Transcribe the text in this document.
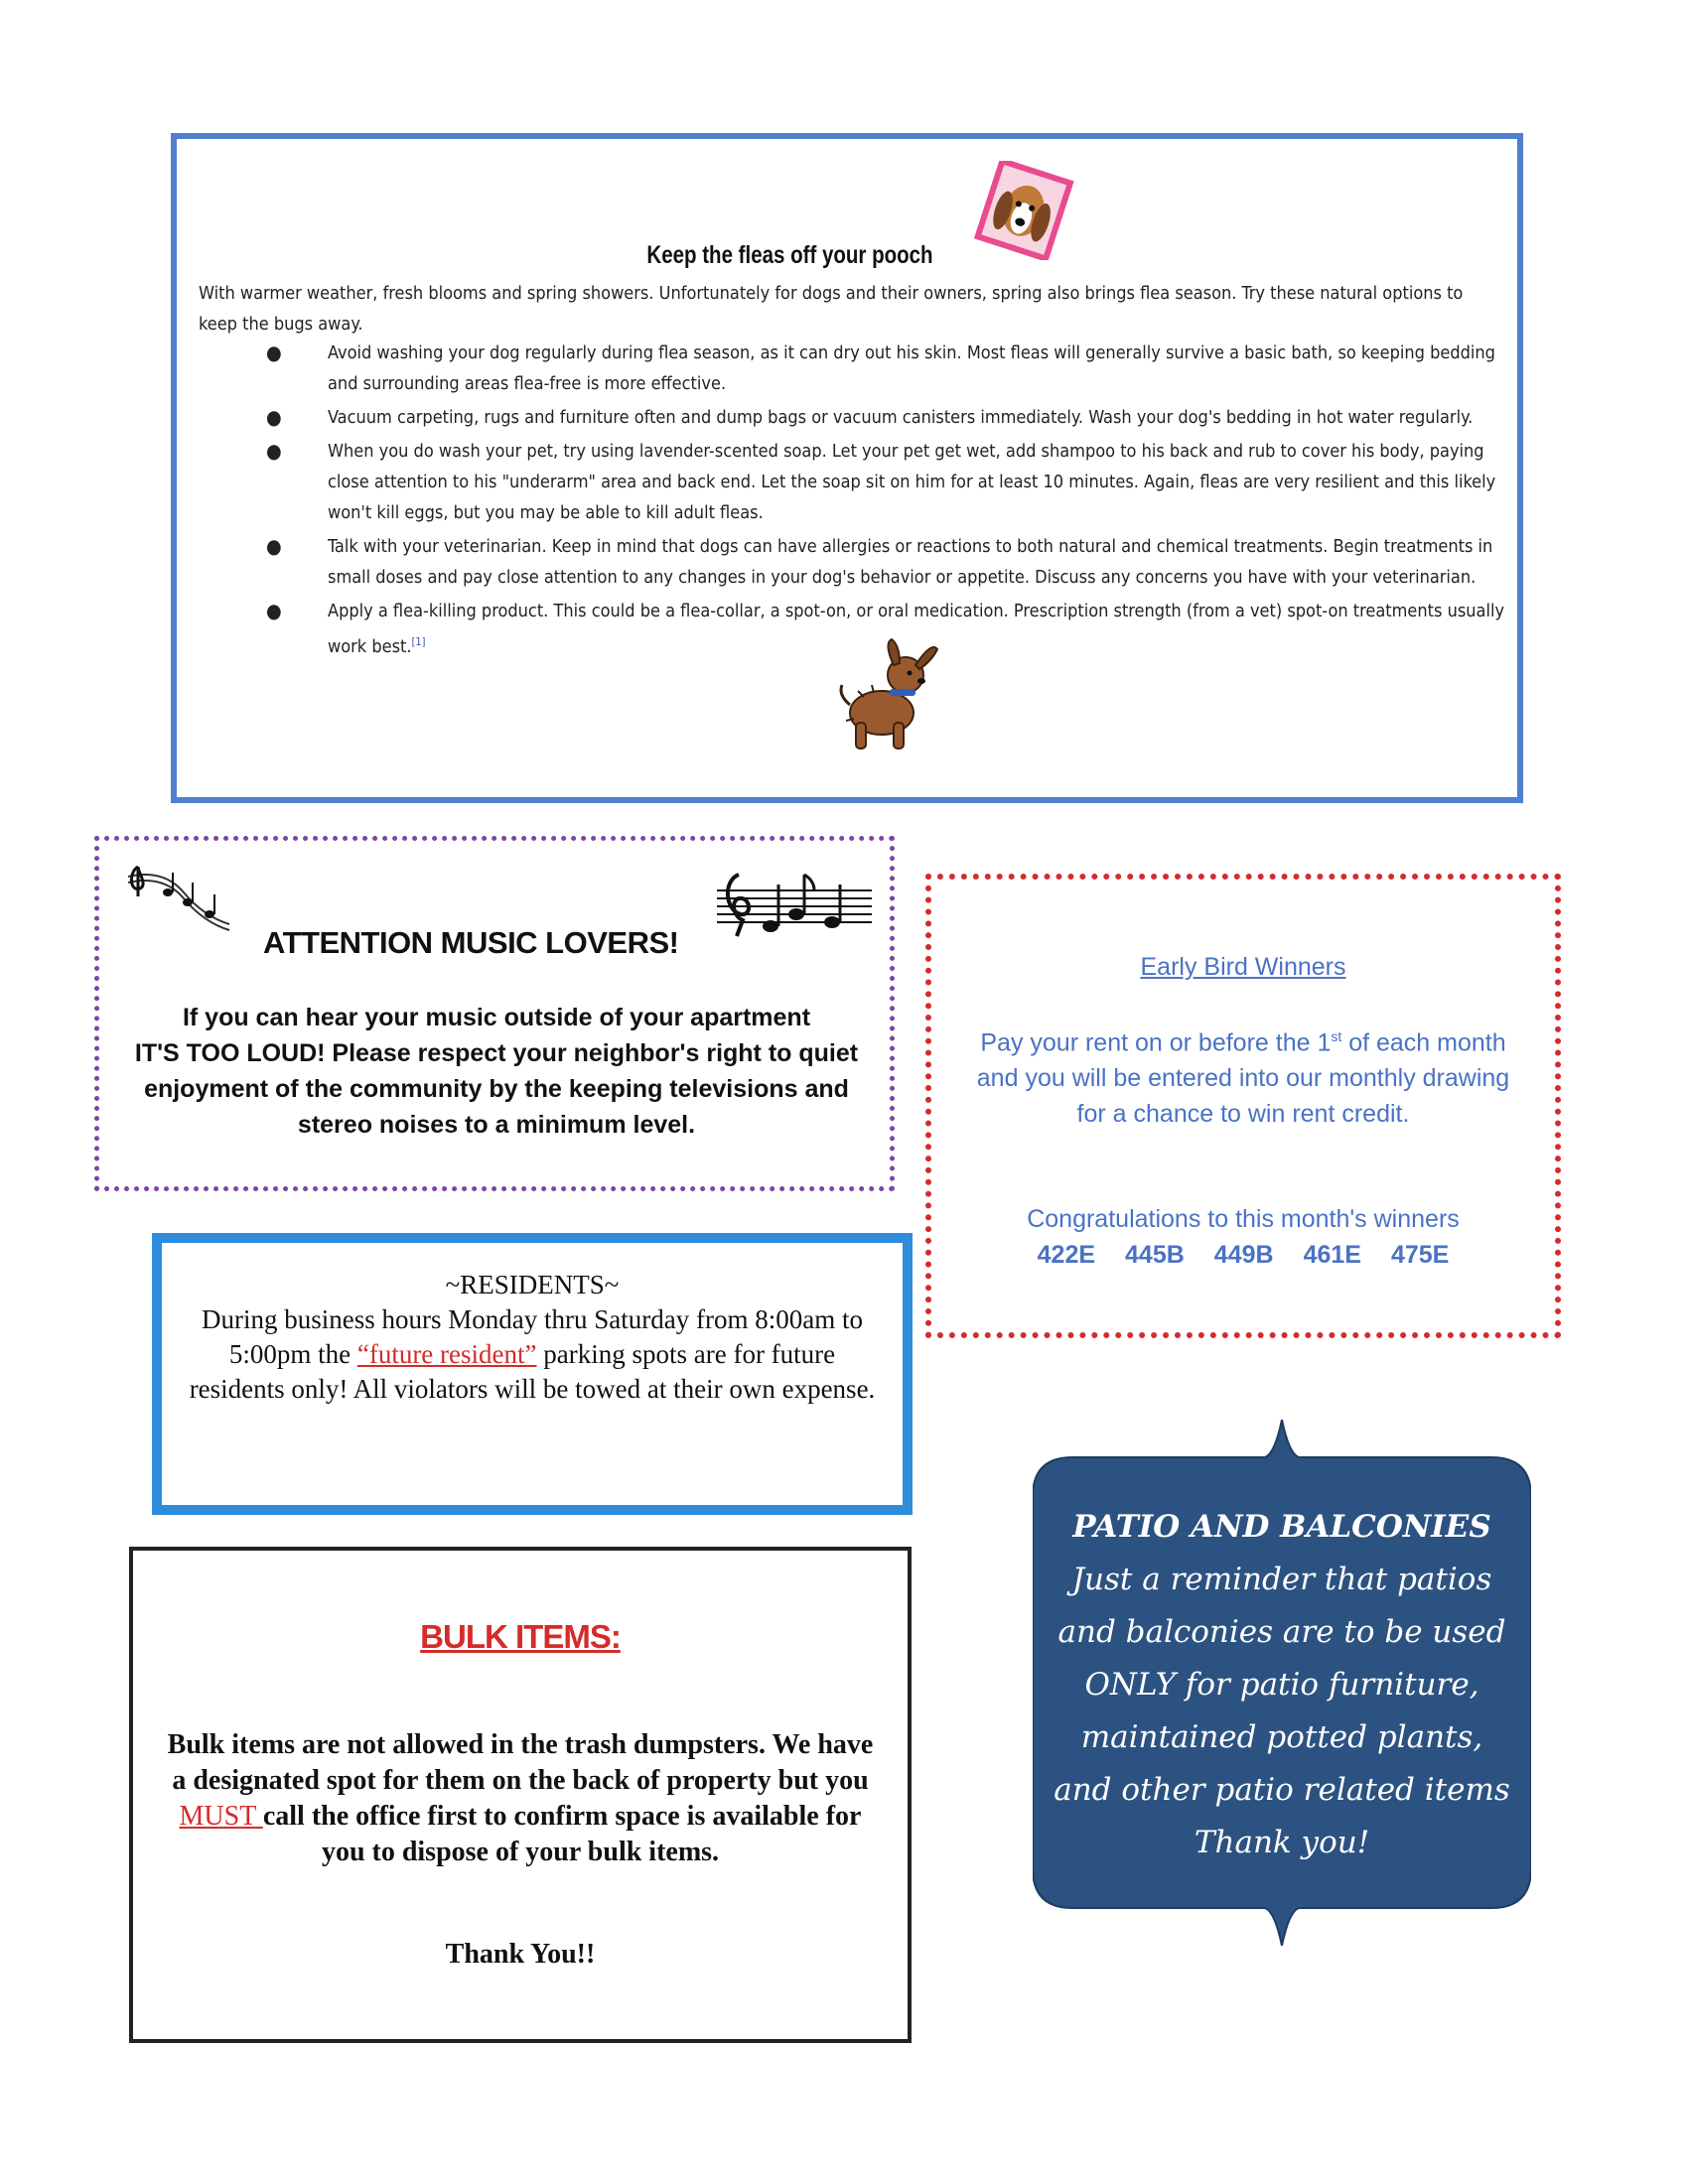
Keep the fleas off your pooch

With warmer weather, fresh blooms and spring showers. Unfortunately for dogs and their owners, spring also brings flea season. Try these natural options to keep the bugs away.

●	Avoid washing your dog regularly during flea season, as it can dry out his skin. Most fleas will generally survive a basic bath, so keeping bedding and surrounding areas flea-free is more effective.
●	Vacuum carpeting, rugs and furniture often and dump bags or vacuum canisters immediately. Wash your dog's bedding in hot water regularly.
●	When you do wash your pet, try using lavender-scented soap. Let your pet get wet, add shampoo to his back and rub to cover his body, paying close attention to his "underarm" area and back end. Let the soap sit on him for at least 10 minutes. Again, fleas are very resilient and this likely won't kill eggs, but you may be able to kill adult fleas.
●	Talk with your veterinarian. Keep in mind that dogs can have allergies or reactions to both natural and chemical treatments. Begin treatments in small doses and pay close attention to any changes in your dog's behavior or appetite. Discuss any concerns you have with your veterinarian.
●	Apply a flea-killing product. This could be a flea-collar, a spot-on, or oral medication. Prescription strength (from a vet) spot-on treatments usually work best.[1]
ATTENTION MUSIC LOVERS!
If you can hear your music outside of your apartment
IT'S TOO LOUD! Please respect your neighbor's right to quiet
enjoyment of the community by the keeping televisions and
stereo noises to a minimum level.
Early Bird Winners

Pay your rent on or before the 1st of each month and you will be entered into our monthly drawing for a chance to win rent credit.

Congratulations to this month's winners
422E 445B 449B 461E 475E
~RESIDENTS~
During business hours Monday thru Saturday from 8:00am to 5:00pm the “future resident” parking spots are for future residents only! All violators will be towed at their own expense.
BULK ITEMS:

Bulk items are not allowed in the trash dumpsters. We have a designated spot for them on the back of property but you MUST call the office first to confirm space is available for you to dispose of your bulk items.

Thank You!!
PATIO AND BALCONIES
Just a reminder that patios
and balconies are to be used
ONLY for patio furniture,
maintained potted plants,
and other patio related items
Thank you!
